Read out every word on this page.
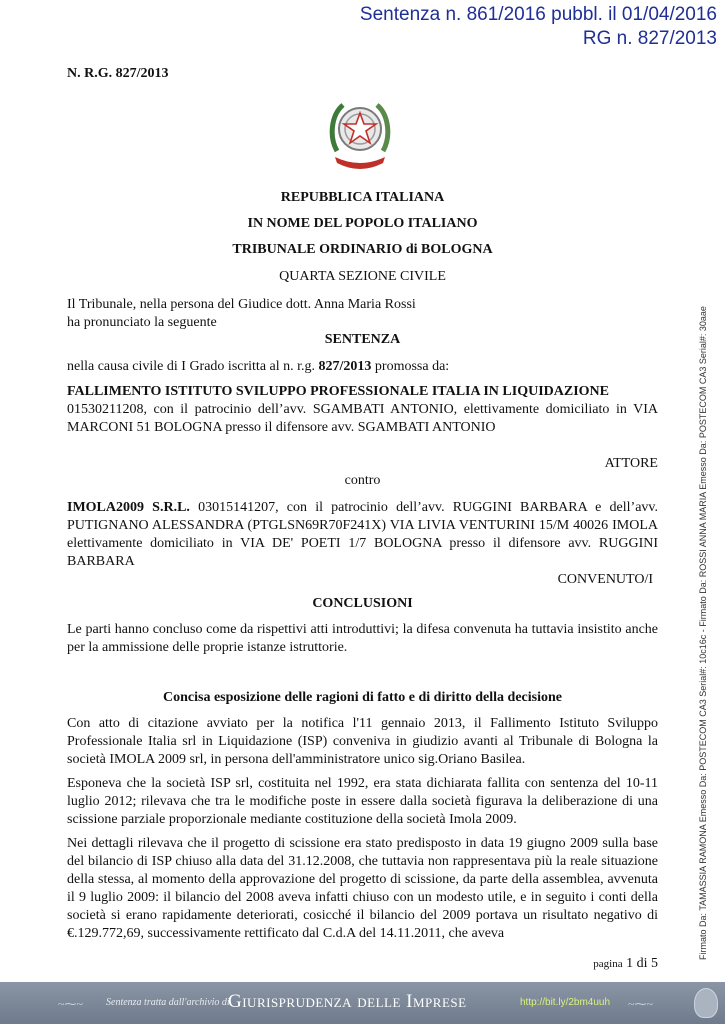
Sentenza n. 861/2016 pubbl. il 01/04/2016
RG n. 827/2013
Firmato Da: TAMASSIA RAMONA Emesso Da: POSTECOM CA3 Serial#: 10c16c - Firmato Da: ROSSI ANNA MARIA Emesso Da: POSTECOM CA3 Serial#: 30aae
N. R.G. 827/2013
REPUBBLICA ITALIANA
IN NOME DEL POPOLO ITALIANO
TRIBUNALE ORDINARIO di BOLOGNA
QUARTA SEZIONE CIVILE
Il Tribunale, nella persona del Giudice dott. Anna Maria Rossi
ha pronunciato la seguente
SENTENZA
nella causa civile di I Grado iscritta al n. r.g. 827/2013 promossa da:

FALLIMENTO ISTITUTO SVILUPPO PROFESSIONALE ITALIA IN LIQUIDAZIONE

01530211208, con il patrocinio dell’avv. SGAMBATI ANTONIO, elettivamente domiciliato in VIA MARCONI 51 BOLOGNA presso il difensore avv. SGAMBATI ANTONIO

ATTORE
contro
IMOLA2009 S.R.L. 03015141207, con il patrocinio dell’avv. RUGGINI BARBARA e dell’avv. PUTIGNANO ALESSANDRA (PTGLSN69R70F241X) VIA LIVIA VENTURINI 15/M 40026 IMOLA elettivamente domiciliato in VIA DE' POETI 1/7 BOLOGNA presso il difensore avv. RUGGINI BARBARA
CONVENUTO/I
CONCLUSIONI
Le parti hanno concluso come da rispettivi atti introduttivi; la difesa convenuta ha tuttavia insistito anche per la ammissione delle proprie istanze istruttorie.
Concisa esposizione delle ragioni di fatto e di diritto della decisione

Con atto di citazione avviato per la notifica l'11 gennaio 2013, il Fallimento Istituto Sviluppo Professionale Italia srl in Liquidazione (ISP) conveniva in giudizio avanti al Tribunale di Bologna la società IMOLA 2009 srl, in persona dell'amministratore unico sig.Oriano Basilea.

Esponeva che la società ISP srl, costituita nel 1992, era stata dichiarata fallita con sentenza del 10-11 luglio 2012; rilevava che tra le modifiche poste in essere dalla società figurava la deliberazione di una scissione parziale proporzionale mediante costituzione della società Imola 2009.

Nei dettagli rilevava che il progetto di scissione era stato predisposto in data 19 giugno 2009 sulla base del bilancio di ISP chiuso alla data del 31.12.2008, che tuttavia non rappresentava più la reale situazione della stessa, al momento della approvazione del progetto di scissione, da parte della assemblea, avvenuta il 9 luglio 2009: il bilancio del 2008 aveva infatti chiuso con un modesto utile, e in seguito i conti della società si erano rapidamente deteriorati, cosicché il bilancio del 2009 portava un risultato negativo di €.129.772,69, successivamente rettificato dal C.d.A del 14.11.2011, che aveva

pagina 1 di 5
~⁓~ Sentenza tratta dall'archivio di
Giurisprudenza delle Imprese	http://bit.ly/2bm4uuh ~⁓~
